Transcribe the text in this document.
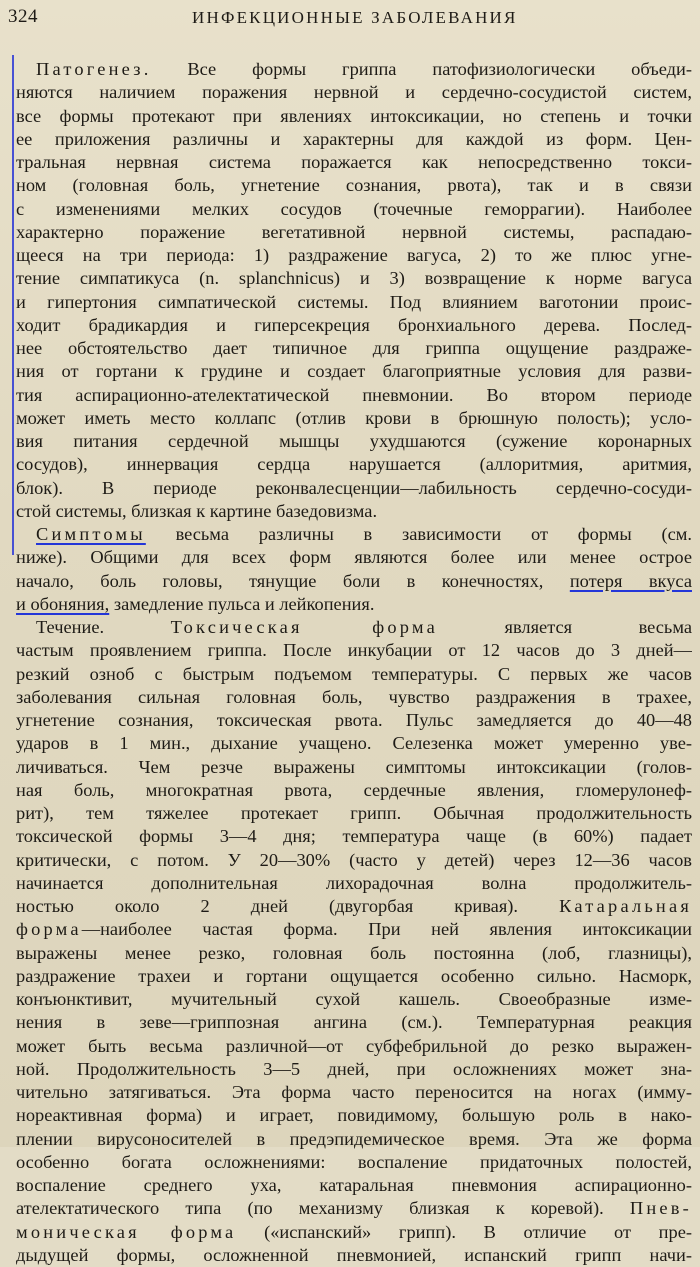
324	ИНФЕКЦИОННЫЕ ЗАБОЛЕВАНИЯ
Патогенез. Все формы гриппа патофизиологически объеди-
няются наличием поражения нервной и сердечно-сосудистой систем,
все формы протекают при явлениях интоксикации, но степень и точки
ее приложения различны и характерны для каждой из форм. Цен-
тральная нервная система поражается как непосредственно токси-
ном (головная боль, угнетение сознания, рвота), так и в связи
с изменениями мелких сосудов (точечные геморрагии). Наиболее
характерно поражение вегетативной нервной системы, распадаю-
щееся на три периода: 1) раздражение вагуса, 2) то же плюс угне-
тение симпатикуса (n. splanchnicus) и 3) возвращение к норме вагуса
и гипертония симпатической системы. Под влиянием ваготонии проис-
ходит брадикардия и гиперсекреция бронхиального дерева. Послед-
нее обстоятельство дает типичное для гриппа ощущение раздраже-
ния от гортани к грудине и создает благоприятные условия для разви-
тия аспирационно-ателектатической пневмонии. Во втором периоде
может иметь место коллапс (отлив крови в брюшную полость); усло-
вия питания сердечной мышцы ухудшаются (сужение коронарных
сосудов), иннервация сердца нарушается (аллоритмия, аритмия,
блок). В периоде реконвалесценции—лабильность сердечно-сосуди-
стой системы, близкая к картине базедовизма.
Симптомы весьма различны в зависимости от формы (см.
ниже). Общими для всех форм являются более или менее острое
начало, боль головы, тянущие боли в конечностях, потеря вкуса
и обоняния, замедление пульса и лейкопения.
Течение. Токсическая форма является весьма
частым проявлением гриппа. После инкубации от 12 часов до 3 дней—
резкий озноб с быстрым подъемом температуры. С первых же часов
заболевания сильная головная боль, чувство раздражения в трахее,
угнетение сознания, токсическая рвота. Пульс замедляется до 40—48
ударов в 1 мин., дыхание учащено. Селезенка может умеренно уве-
личиваться. Чем резче выражены симптомы интоксикации (голов-
ная боль, многократная рвота, сердечные явления, гломерулонеф-
рит), тем тяжелее протекает грипп. Обычная продолжительность
токсической формы 3—4 дня; температура чаще (в 60%) падает
критически, с потом. У 20—30% (часто у детей) через 12—36 часов
начинается дополнительная лихорадочная волна продолжитель-
ностью около 2 дней (двугорбая кривая). Катаральная
форма—наиболее частая форма. При ней явления интоксикации
выражены менее резко, головная боль постоянна (лоб, глазницы),
раздражение трахеи и гортани ощущается особенно сильно. Насморк,
конъюнктивит, мучительный сухой кашель. Своеобразные изме-
нения в зеве—гриппозная ангина (см.). Температурная реакция
может быть весьма различной—от субфебрильной до резко выражен-
ной. Продолжительность 3—5 дней, при осложнениях может зна-
чительно затягиваться. Эта форма часто переносится на ногах (имму-
нореактивная форма) и играет, повидимому, большую роль в нако-
плении вирусоносителей в предэпидемическое время. Эта же форма
особенно богата осложнениями: воспаление придаточных полостей,
воспаление среднего уха, катаральная пневмония аспирационно-
ателектатического типа (по механизму близкая к коревой). Пнев-
моническая форма («испанский» грипп). В отличие от пре-
дыдущей формы, осложненной пневмонией, испанский грипп начи-
